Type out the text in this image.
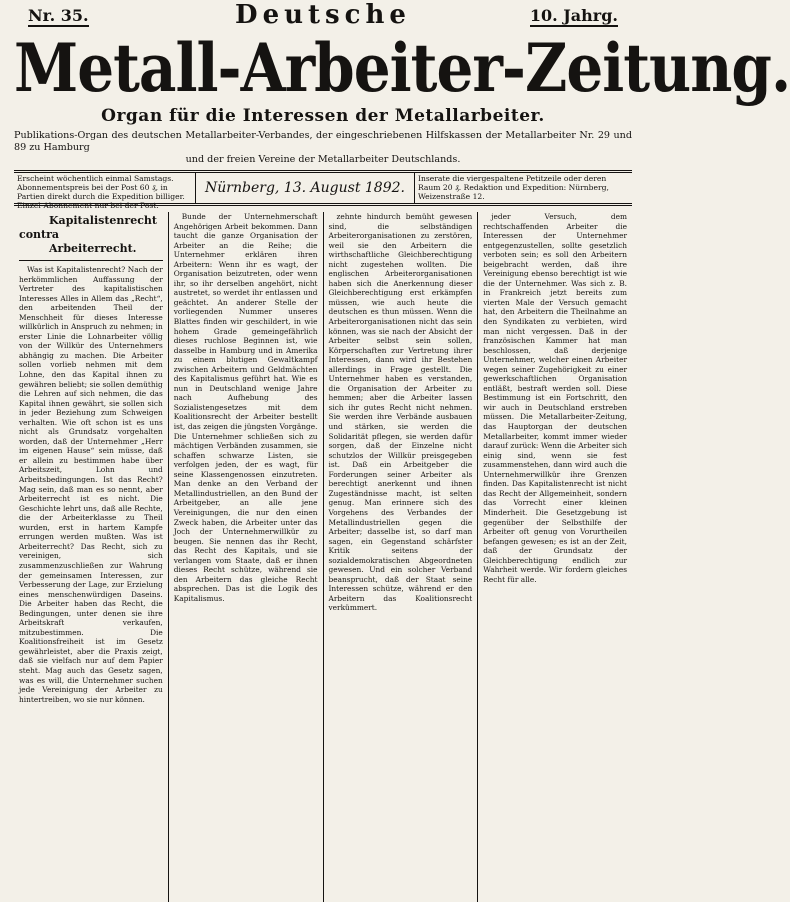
Nr. 35.	Deutsche	10. Jahrg.
Metall-Arbeiter-Zeitung.
Organ für die Interessen der Metallarbeiter.
Publikations-Organ des deutschen Metallarbeiter-Verbandes, der eingeschriebenen Hilfskassen der Metallarbeiter Nr. 29 und 89 zu Hamburg
und der freien Vereine der Metallarbeiter Deutschlands.
Erscheint wöchentlich einmal Samstags. Abonnementspreis bei der Post 60 ₰, in Partien direkt durch die Expedition billiger. Einzel-Abonnement nur bei der Post.
Nürnberg, 13. August 1892.
Inserate die viergespaltene Petitzeile oder deren Raum 20 ₰. Redaktion und Expedition: Nürnberg, Weizenstraße 12.
Kapitalistenrecht contra
Arbeiterrecht.

Was ist Kapitalistenrecht? Nach der herkömmlichen Auffassung der Vertreter des kapitalistischen Interesses Alles in Allem das „Recht“, den arbeitenden Theil der Menschheit für dieses Interesse willkürlich in Anspruch zu nehmen; in erster Linie die Lohnarbeiter völlig von der Willkür des Unternehmers abhängig zu machen. Die Arbeiter sollen vorlieb nehmen mit dem Lohne, den das Kapital ihnen zu gewähren beliebt; sie sollen demüthig die Lehren auf sich nehmen, die das Kapital ihnen gewährt, sie sollen sich in jeder Beziehung zum Schweigen verhalten. Wie oft schon ist es uns nicht als Grundsatz vorgehalten worden, daß der Unternehmer „Herr im eigenen Hause“ sein müsse, daß er allein zu bestimmen habe über Arbeitszeit, Lohn und Arbeitsbedingungen. Ist das Recht? Mag sein, daß man es so nennt, aber Arbeiterrecht ist es nicht. Die Geschichte lehrt uns, daß alle Rechte, die der Arbeiterklasse zu Theil wurden, erst in hartem Kampfe errungen werden mußten. Was ist Arbeiterrecht? Das Recht, sich zu vereinigen, sich zusammenzuschließen zur Wahrung der gemeinsamen Interessen, zur Verbesserung der Lage, zur Erzielung eines menschenwürdigen Daseins. Die Arbeiter haben das Recht, die Bedingungen, unter denen sie ihre Arbeitskraft verkaufen, mitzubestimmen. Die Koalitionsfreiheit ist im Gesetz gewährleistet, aber die Praxis zeigt, daß sie vielfach nur auf dem Papier steht. Mag auch das Gesetz sagen, was es will, die Unternehmer suchen jede Vereinigung der Arbeiter zu hintertreiben, wo sie nur können.

Bunde der Unternehmerschaft Angehörigen Arbeit bekommen. Dann taucht die ganze Organisation der Arbeiter an die Reihe; die Unternehmer erklären ihren Arbeitern: Wenn ihr es wagt, der Organisation beizutreten, oder wenn ihr, so ihr derselben angehört, nicht austretet, so werdet ihr entlassen und geächtet. An anderer Stelle der vorliegenden Nummer unseres Blattes finden wir geschildert, in wie hohem Grade gemeingefährlich dieses ruchlose Beginnen ist, wie dasselbe in Hamburg und in Amerika zu einem blutigen Gewaltkampf zwischen Arbeitern und Geldmächten des Kapitalismus geführt hat. Wie es nun in Deutschland wenige Jahre nach Aufhebung des Sozialistengesetzes mit dem Koalitionsrecht der Arbeiter bestellt ist, das zeigen die jüngsten Vorgänge. Die Unternehmer schließen sich zu mächtigen Verbänden zusammen, sie schaffen schwarze Listen, sie verfolgen jeden, der es wagt, für seine Klassengenossen einzutreten. Man denke an den Verband der Metallindustriellen, an den Bund der Arbeitgeber, an alle jene Vereinigungen, die nur den einen Zweck haben, die Arbeiter unter das Joch der Unternehmerwillkür zu beugen. Sie nennen das ihr Recht, das Recht des Kapitals, und sie verlangen vom Staate, daß er ihnen dieses Recht schütze, während sie den Arbeitern das gleiche Recht absprechen. Das ist die Logik des Kapitalismus.

zehnte hindurch bemüht gewesen sind, die selbständigen Arbeiterorganisationen zu zerstören, weil sie den Arbeitern die wirthschaftliche Gleichberechtigung nicht zugestehen wollten. Die englischen Arbeiterorganisationen haben sich die Anerkennung dieser Gleichberechtigung erst erkämpfen müssen, wie auch heute die deutschen es thun müssen. Wenn die Arbeiterorganisationen nicht das sein können, was sie nach der Absicht der Arbeiter selbst sein sollen, Körperschaften zur Vertretung ihrer Interessen, dann wird ihr Bestehen allerdings in Frage gestellt. Die Unternehmer haben es verstanden, die Organisation der Arbeiter zu hemmen; aber die Arbeiter lassen sich ihr gutes Recht nicht nehmen. Sie werden ihre Verbände ausbauen und stärken, sie werden die Solidarität pflegen, sie werden dafür sorgen, daß der Einzelne nicht schutzlos der Willkür preisgegeben ist. Daß ein Arbeitgeber die Forderungen seiner Arbeiter als berechtigt anerkennt und ihnen Zugeständnisse macht, ist selten genug. Man erinnere sich des Vorgehens des Verbandes der Metallindustriellen gegen die Arbeiter; dasselbe ist, so darf man sagen, ein Gegenstand schärfster Kritik seitens der sozialdemokratischen Abgeordneten gewesen. Und ein solcher Verband beansprucht, daß der Staat seine Interessen schütze, während er den Arbeitern das Koalitionsrecht verkümmert.

jeder Versuch, dem rechtschaffenden Arbeiter die Interessen der Unternehmer entgegenzustellen, sollte gesetzlich verboten sein; es soll den Arbeitern beigebracht werden, daß ihre Vereinigung ebenso berechtigt ist wie die der Unternehmer. Was sich z. B. in Frankreich jetzt bereits zum vierten Male der Versuch gemacht hat, den Arbeitern die Theilnahme an den Syndikaten zu verbieten, wird man nicht vergessen. Daß in der französischen Kammer hat man beschlossen, daß derjenige Unternehmer, welcher einen Arbeiter wegen seiner Zugehörigkeit zu einer gewerkschaftlichen Organisation entläßt, bestraft werden soll. Diese Bestimmung ist ein Fortschritt, den wir auch in Deutschland erstreben müssen. Die Metallarbeiter-Zeitung, das Hauptorgan der deutschen Metallarbeiter, kommt immer wieder darauf zurück: Wenn die Arbeiter sich einig sind, wenn sie fest zusammenstehen, dann wird auch die Unternehmerwillkür ihre Grenzen finden. Das Kapitalistenrecht ist nicht das Recht der Allgemeinheit, sondern das Vorrecht einer kleinen Minderheit. Die Gesetzgebung ist gegenüber der Selbsthilfe der Arbeiter oft genug von Vorurtheilen befangen gewesen; es ist an der Zeit, daß der Grundsatz der Gleichberechtigung endlich zur Wahrheit werde. Wir fordern gleiches Recht für alle.
